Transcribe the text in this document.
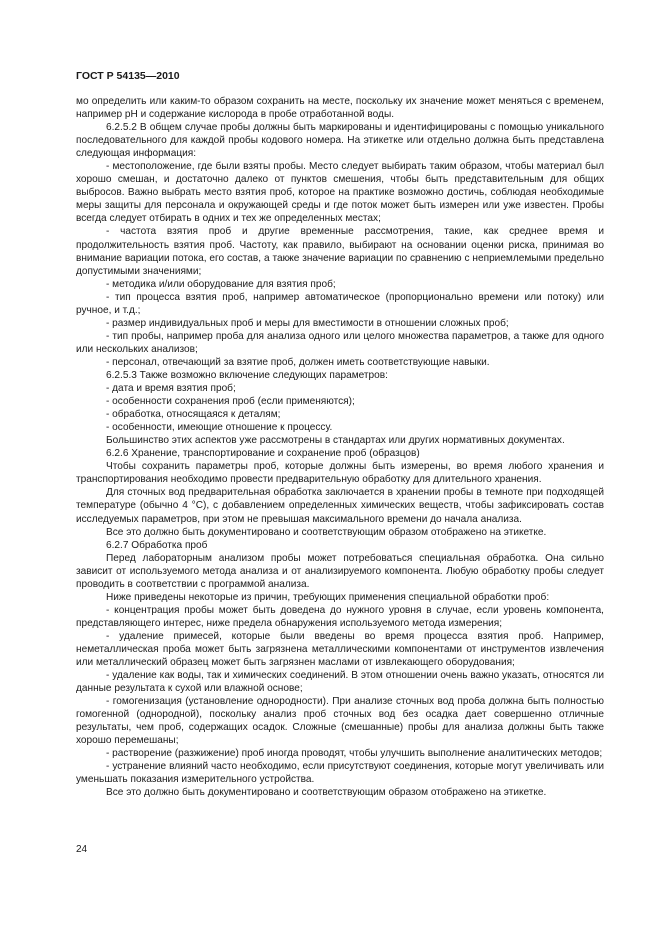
ГОСТ Р 54135—2010

мо определить или каким-то образом сохранить на месте, поскольку их значение может меняться с временем, например рН и содержание кислорода в пробе отработанной воды.

6.2.5.2 В общем случае пробы должны быть маркированы и идентифицированы с помощью уникального последовательного для каждой пробы кодового номера. На этикетке или отдельно должна быть представлена следующая информация:

- местоположение, где были взяты пробы. Место следует выбирать таким образом, чтобы материал был хорошо смешан, и достаточно далеко от пунктов смешения, чтобы быть представительным для общих выбросов. Важно выбрать место взятия проб, которое на практике возможно достичь, соблюдая необходимые меры защиты для персонала и окружающей среды и где поток может быть измерен или уже известен. Пробы всегда следует отбирать в одних и тех же определенных местах;

- частота взятия проб и другие временные рассмотрения, такие, как среднее время и продолжительность взятия проб. Частоту, как правило, выбирают на основании оценки риска, принимая во внимание вариации потока, его состав, а также значение вариации по сравнению с неприемлемыми предельно допустимыми значениями;

- методика и/или оборудование для взятия проб;

- тип процесса взятия проб, например автоматическое (пропорционально времени или потоку) или ручное, и т.д.;

- размер индивидуальных проб и меры для вместимости в отношении сложных проб;

- тип пробы, например проба для анализа одного или целого множества параметров, а также для одного или нескольких анализов;

- персонал, отвечающий за взятие проб, должен иметь соответствующие навыки.

6.2.5.3 Также возможно включение следующих параметров:

- дата и время взятия проб;

- особенности сохранения проб (если применяются);

- обработка, относящаяся к деталям;

- особенности, имеющие отношение к процессу.

Большинство этих аспектов уже рассмотрены в стандартах или других нормативных документах.

6.2.6 Хранение, транспортирование и сохранение проб (образцов)

Чтобы сохранить параметры проб, которые должны быть измерены, во время любого хранения и транспортирования необходимо провести предварительную обработку для длительного хранения.

Для сточных вод предварительная обработка заключается в хранении пробы в темноте при подходящей температуре (обычно 4 °С), с добавлением определенных химических веществ, чтобы зафиксировать состав исследуемых параметров, при этом не превышая максимального времени до начала анализа.

Все это должно быть документировано и соответствующим образом отображено на этикетке.

6.2.7 Обработка проб

Перед лабораторным анализом пробы может потребоваться специальная обработка. Она сильно зависит от используемого метода анализа и от анализируемого компонента. Любую обработку пробы следует проводить в соответствии с программой анализа.

Ниже приведены некоторые из причин, требующих применения специальной обработки проб:

- концентрация пробы может быть доведена до нужного уровня в случае, если уровень компонента, представляющего интерес, ниже предела обнаружения используемого метода измерения;

- удаление примесей, которые были введены во время процесса взятия проб. Например, неметаллическая проба может быть загрязнена металлическими компонентами от инструментов извлечения или металлический образец может быть загрязнен маслами от извлекающего оборудования;

- удаление как воды, так и химических соединений. В этом отношении очень важно указать, относятся ли данные результата к сухой или влажной основе;

- гомогенизация (установление однородности). При анализе сточных вод проба должна быть полностью гомогенной (однородной), поскольку анализ проб сточных вод без осадка дает совершенно отличные результаты, чем проб, содержащих осадок. Сложные (смешанные) пробы для анализа должны быть также хорошо перемешаны;

- растворение (разжижение) проб иногда проводят, чтобы улучшить выполнение аналитических методов;

- устранение влияний часто необходимо, если присутствуют соединения, которые могут увеличивать или уменьшать показания измерительного устройства.

Все это должно быть документировано и соответствующим образом отображено на этикетке.

24
